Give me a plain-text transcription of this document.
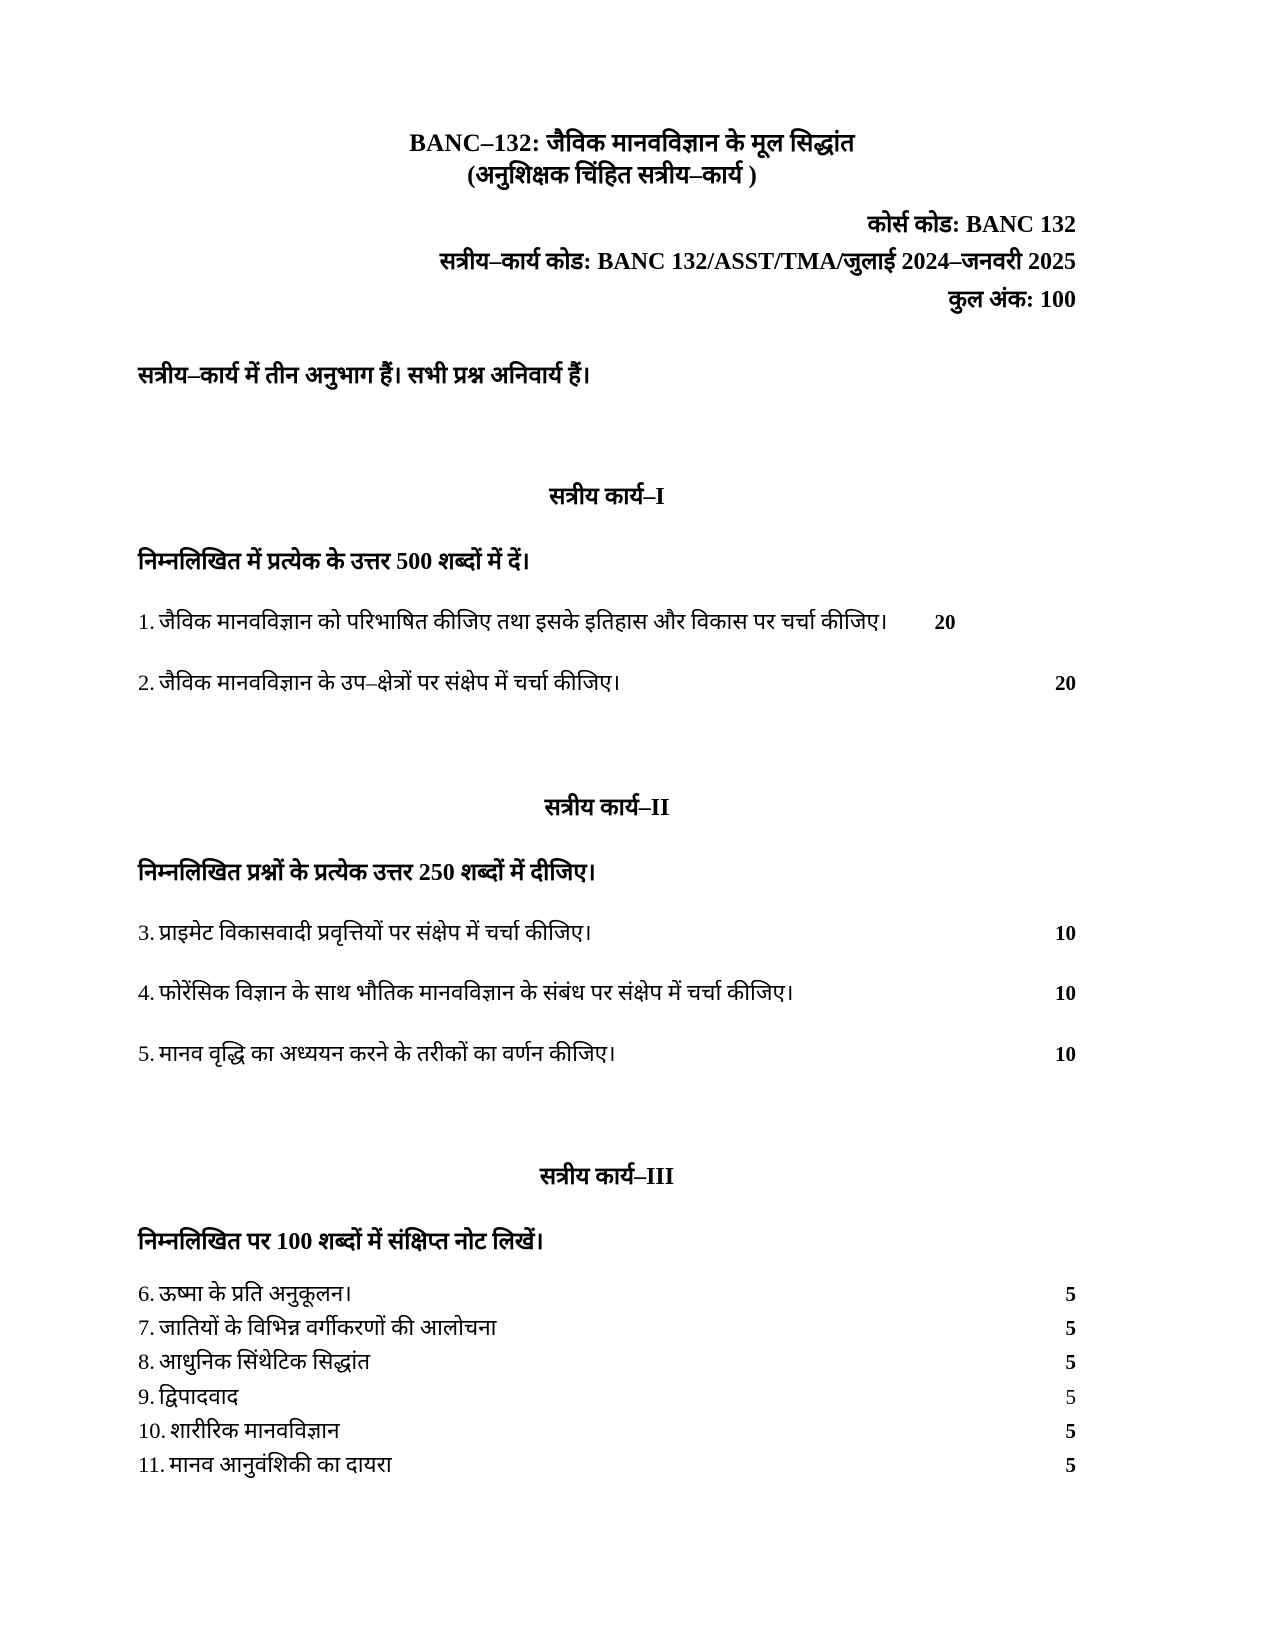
BANC–132: जैविक मानवविज्ञान के मूल सिद्धांत
(अनुशिक्षक चिंहित सत्रीय–कार्य )
कोर्स कोड: BANC 132
सत्रीय–कार्य कोड: BANC 132/ASST/TMA/जुलाई 2024–जनवरी 2025
कुल अंक: 100
सत्रीय–कार्य में तीन अनुभाग हैं। सभी प्रश्न अनिवार्य हैं।
सत्रीय कार्य–I
निम्नलिखित में प्रत्येक के उत्तर 500 शब्दों में दें।
1. जैविक मानवविज्ञान को परिभाषित कीजिए तथा इसके इतिहास और विकास पर चर्चा कीजिए।	20
2. जैविक मानवविज्ञान के उप–क्षेत्रों पर संक्षेप में चर्चा कीजिए।	20
सत्रीय कार्य–II
निम्नलिखित प्रश्नों के प्रत्येक उत्तर 250 शब्दों में दीजिए।
3. प्राइमेट विकासवादी प्रवृत्तियों पर संक्षेप में चर्चा कीजिए।	10
4. फोरेंसिक विज्ञान के साथ भौतिक मानवविज्ञान के संबंध पर संक्षेप में चर्चा कीजिए।	10
5. मानव वृद्धि का अध्ययन करने के तरीकों का वर्णन कीजिए।	10
सत्रीय कार्य–III
निम्नलिखित पर 100 शब्दों में संक्षिप्त नोट लिखें।
6. ऊष्मा के प्रति अनुकूलन।	5
7. जातियों के विभिन्न वर्गीकरणों की आलोचना	5
8. आधुनिक सिंथेटिक सिद्धांत	5
9. द्विपादवाद	5
10. शारीरिक मानवविज्ञान	5
11. मानव आनुवंशिकी का दायरा	5
